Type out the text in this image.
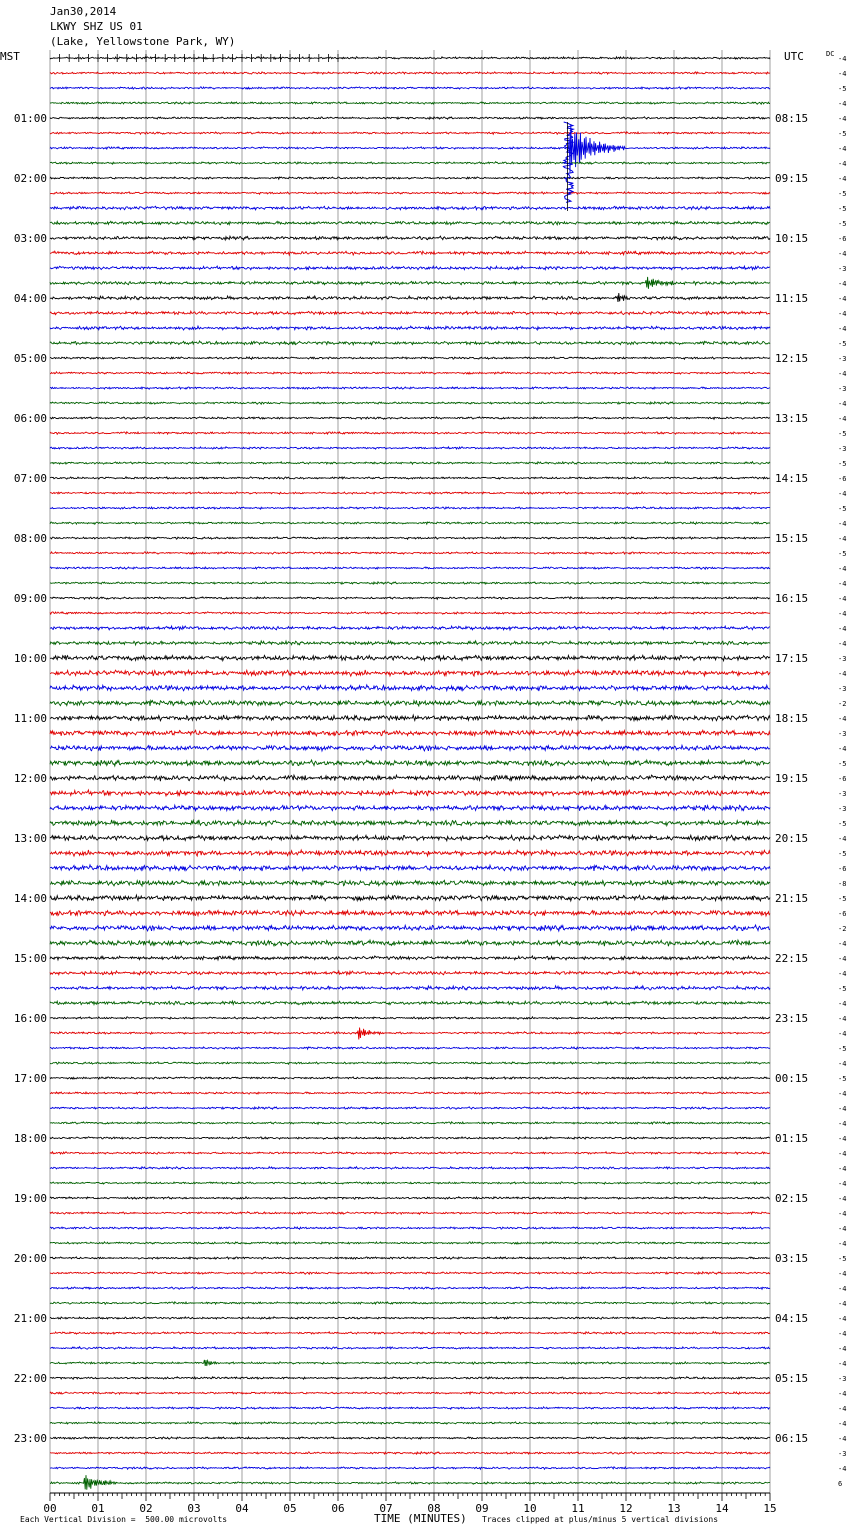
Jan30,2014
LKWY SHZ US 01
(Lake, Yellowstone Park, WY)
00	01	02	03	04	05	06	07	08	09	10	11	12	13	14	15
MST	UTC	DC
01:00
02:00
03:00
04:00
05:00
06:00
07:00
08:00
09:00
10:00
11:00
12:00
13:00
14:00
15:00
16:00
17:00
18:00
19:00
20:00
21:00
22:00
23:00
08:15
09:15
10:15
11:15
12:15
13:15
14:15
15:15
16:15
17:15
18:15
19:15
20:15
21:15
22:15
23:15
00:15
01:15
02:15
03:15
04:15
05:15
06:15
-4
-4
-5
-4
-4
-5
-4
-4
-4
-5
-5
-5
-6
-4
-3
-4
-4
-4
-4
-5
-3
-4
-3
-4
-4
-5
-3
-5
-6
-4
-5
-4
-4
-5
-4
-4
-4
-4
-4
-4
-3
-4
-3
-2
-4
-3
-4
-5
-6
-3
-3
-5
-4
-5
-6
-8
-5
-6
-2
-4
-4
-4
-5
-4
-4
-4
-5
-4
-5
-4
-4
-4
-4
-4
-4
-4
-4
-4
-4
-4
-5
-4
-4
-4
-4
-4
-4
-4
-3
-4
-4
-4
-4
-3
-4
6
Each Vertical Division =  500.00 microvolts	TIME (MINUTES) Traces clipped at plus/minus 5 vertical divisions
